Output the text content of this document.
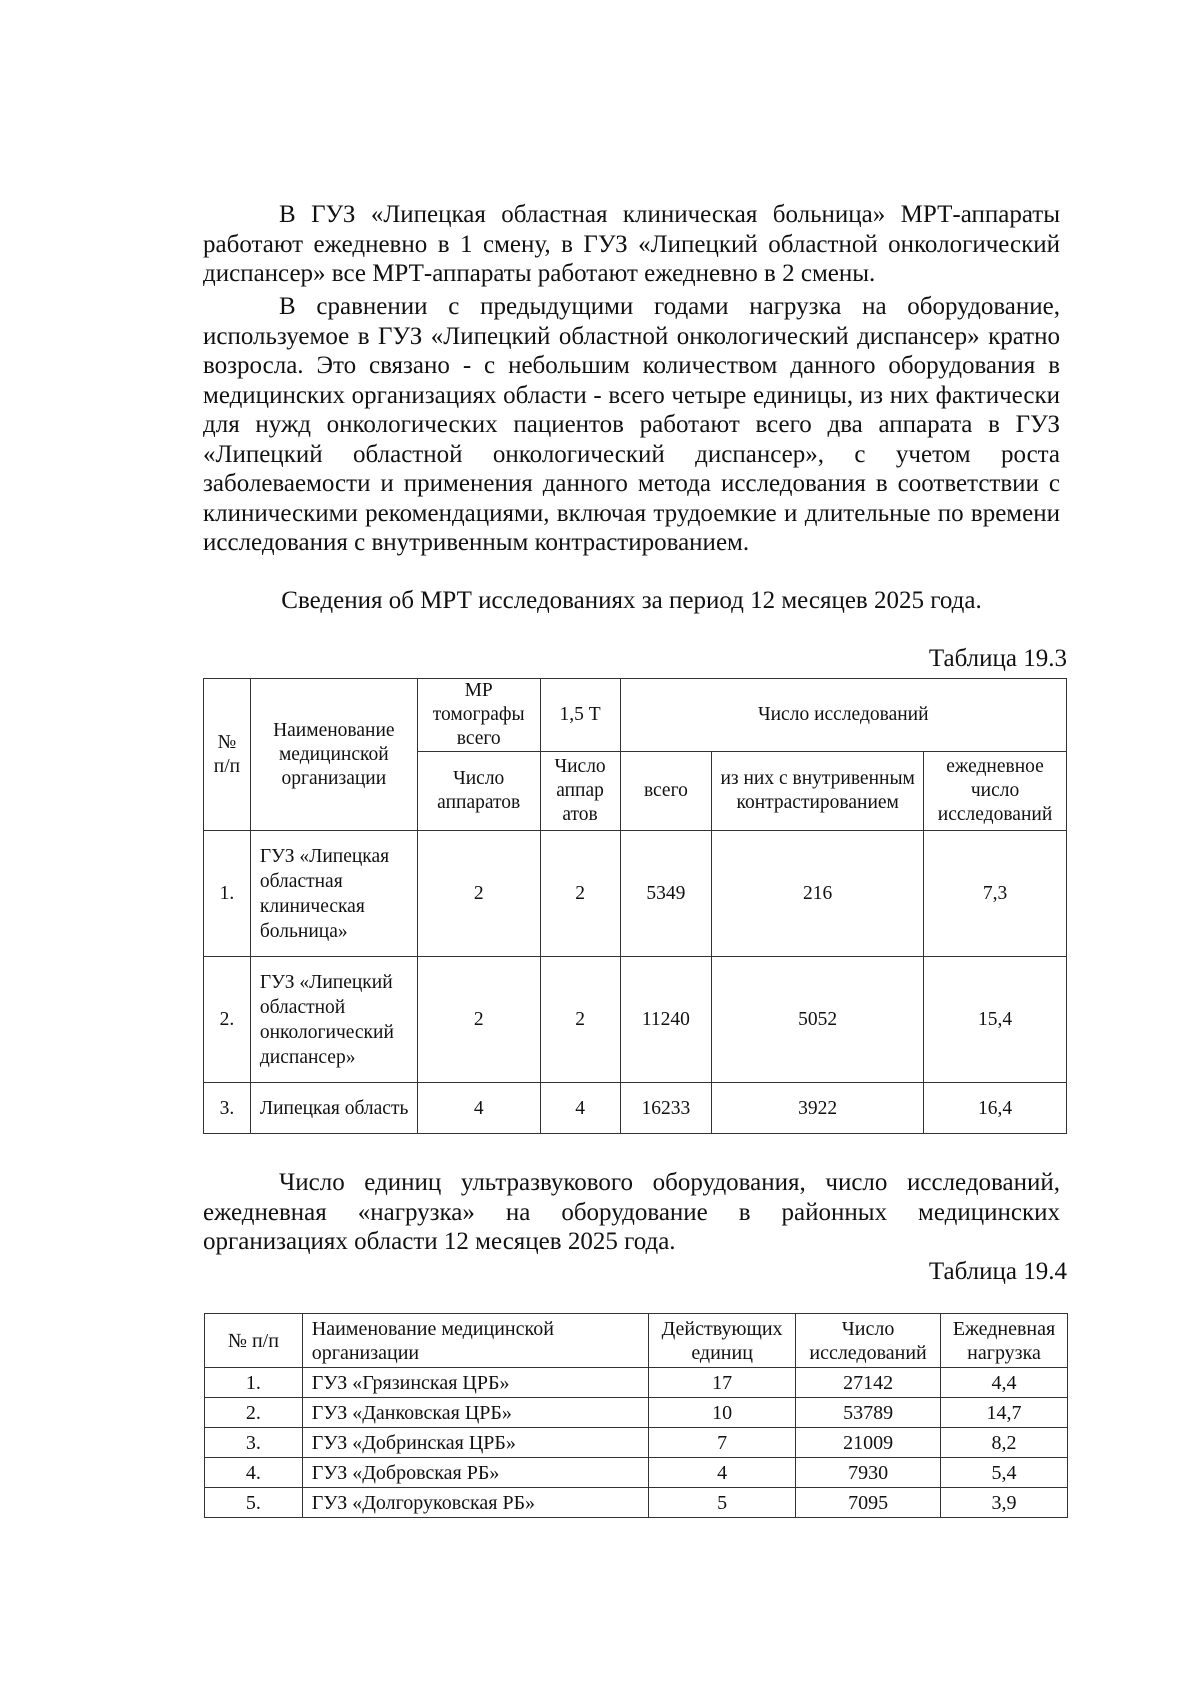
В ГУЗ «Липецкая областная клиническая больница» МРТ-аппараты работают ежедневно в 1 смену, в ГУЗ «Липецкий областной онкологический диспансер» все МРТ-аппараты работают ежедневно в 2 смены.

В сравнении с предыдущими годами нагрузка на оборудование, используемое в ГУЗ «Липецкий областной онкологический диспансер» кратно возросла. Это связано - с небольшим количеством данного оборудования в медицинских организациях области - всего четыре единицы, из них фактически для нужд онкологических пациентов работают всего два аппарата в ГУЗ «Липецкий областной онкологический диспансер», с учетом роста заболеваемости и применения данного метода исследования в соответствии с клиническими рекомендациями, включая трудоемкие и длительные по времени исследования с внутривенным контрастированием.

Сведения об МРТ исследованиях за период 12 месяцев 2025 года.

Таблица 19.3
№ п/п	Наименование медицинской организации	МР томографы всего	1,5 Т	Число исследований		
		Число аппаратов	Число аппар атов	всего	из них с внутривенным контрастированием	ежедневное число исследований
1.	ГУЗ «Липецкая областная клиническая больница»	2	2	5349	216	7,3
2.	ГУЗ «Липецкий областной онкологический диспансер»	2	2	11240	5052	15,4
3.	Липецкая область	4	4	16233	3922	16,4

Число единиц ультразвукового оборудования, число исследований, ежедневная «нагрузка» на оборудование в районных медицинских организациях области 12 месяцев 2025 года.

Таблица 19.4
№ п/п	Наименование медицинской организации	Действующих единиц	Число исследований	Ежедневная нагрузка
1.	ГУЗ «Грязинская ЦРБ»	17	27142	4,4
2.	ГУЗ «Данковская ЦРБ»	10	53789	14,7
3.	ГУЗ «Добринская ЦРБ»	7	21009	8,2
4.	ГУЗ «Добровская РБ»	4	7930	5,4
5.	ГУЗ «Долгоруковская РБ»	5	7095	3,9
